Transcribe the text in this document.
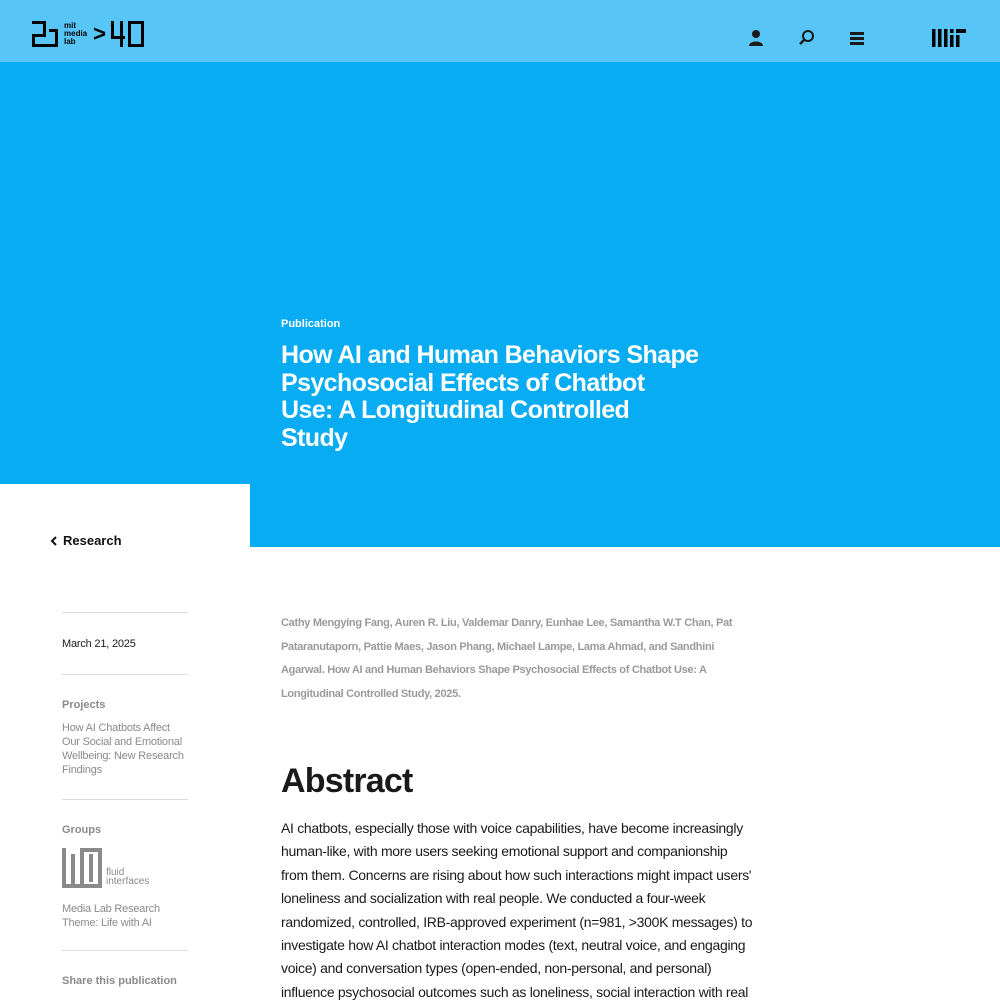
mit
media
lab >
Publication
How AI and Human Behaviors Shape Psychosocial Effects of Chatbot Use: A Longitudinal Controlled Study
Research
March 21, 2025
Projects
How AI Chatbots Affect Our Social and Emotional Wellbeing: New Research Findings
Groups
fluid
interfaces
Media Lab Research Theme: Life with AI
Share this publication
Cathy Mengying Fang, Auren R. Liu, Valdemar Danry, Eunhae Lee, Samantha W.T Chan, Pat Pataranutaporn, Pattie Maes, Jason Phang, Michael Lampe, Lama Ahmad, and Sandhini Agarwal. How AI and Human Behaviors Shape Psychosocial Effects of Chatbot Use: A Longitudinal Controlled Study, 2025.
Abstract

AI chatbots, especially those with voice capabilities, have become increasingly human-like, with more users seeking emotional support and companionship from them. Concerns are rising about how such interactions might impact users' loneliness and socialization with real people. We conducted a four-week randomized, controlled, IRB-approved experiment (n=981, >300K messages) to investigate how AI chatbot interaction modes (text, neutral voice, and engaging voice) and conversation types (open-ended, non-personal, and personal) influence psychosocial outcomes such as loneliness, social interaction with real
